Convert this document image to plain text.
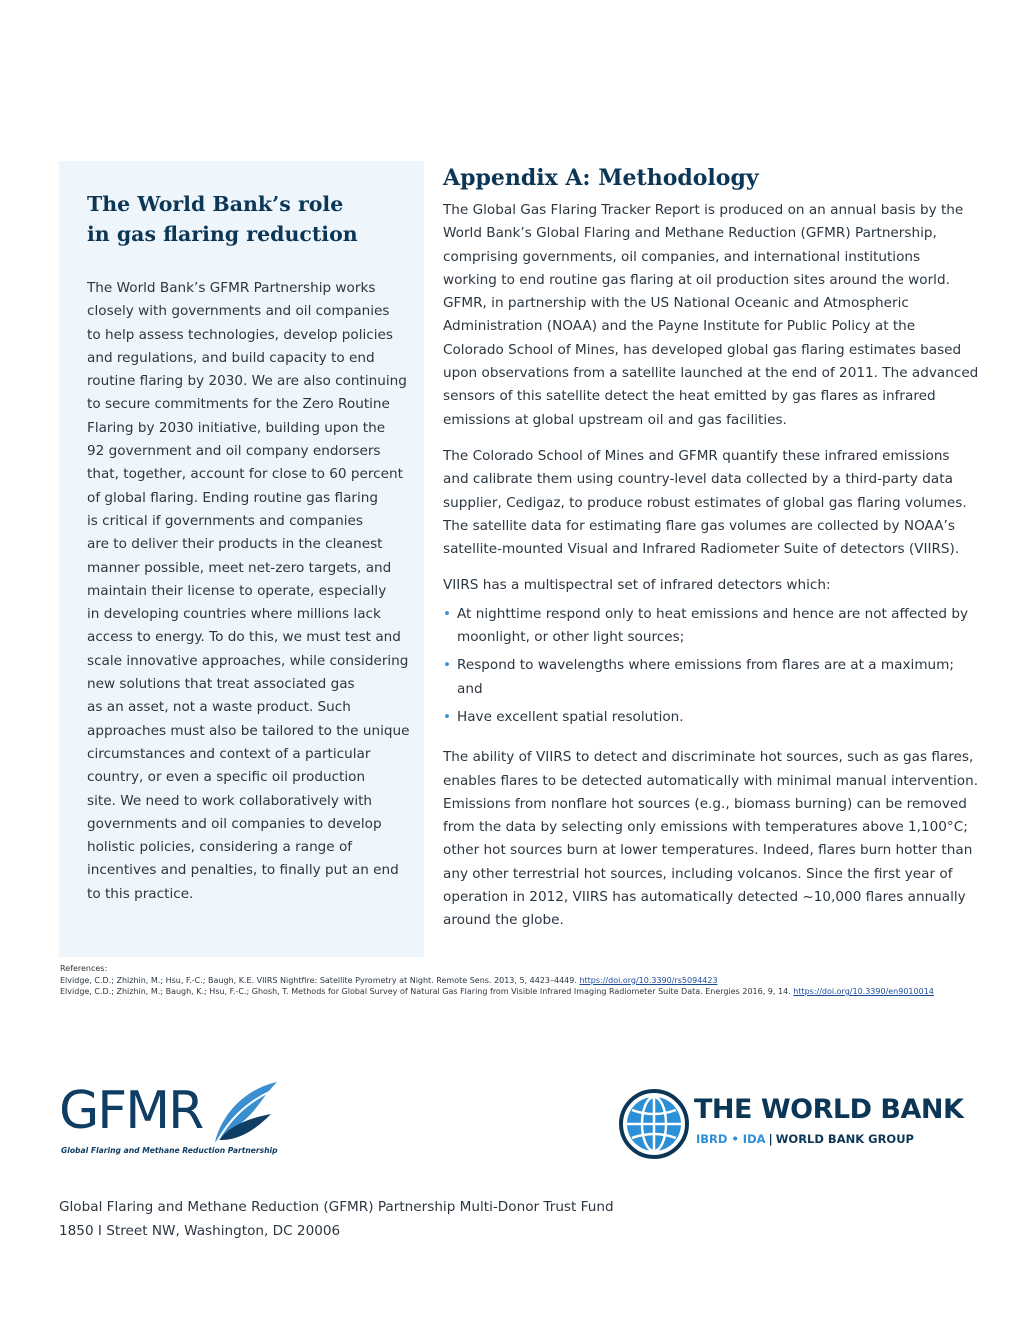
The World Bank’s role
in gas flaring reduction
The World Bank’s GFMR Partnership works
closely with governments and oil companies
to help assess technologies, develop policies
and regulations, and build capacity to end
routine flaring by 2030. We are also continuing
to secure commitments for the Zero Routine
Flaring by 2030 initiative, building upon the
92 government and oil company endorsers
that, together, account for close to 60 percent
of global flaring. Ending routine gas flaring
is critical if governments and companies
are to deliver their products in the cleanest
manner possible, meet net-zero targets, and
maintain their license to operate, especially
in developing countries where millions lack
access to energy. To do this, we must test and
scale innovative approaches, while considering
new solutions that treat associated gas
as an asset, not a waste product. Such
approaches must also be tailored to the unique
circumstances and context of a particular
country, or even a specific oil production
site. We need to work collaboratively with
governments and oil companies to develop
holistic policies, considering a range of
incentives and penalties, to finally put an end
to this practice.
Appendix A: Methodology
The Global Gas Flaring Tracker Report is produced on an annual basis by the
World Bank’s Global Flaring and Methane Reduction (GFMR) Partnership,
comprising governments, oil companies, and international institutions
working to end routine gas flaring at oil production sites around the world.
GFMR, in partnership with the US National Oceanic and Atmospheric
Administration (NOAA) and the Payne Institute for Public Policy at the
Colorado School of Mines, has developed global gas flaring estimates based
upon observations from a satellite launched at the end of 2011. The advanced
sensors of this satellite detect the heat emitted by gas flares as infrared
emissions at global upstream oil and gas facilities.
The Colorado School of Mines and GFMR quantify these infrared emissions
and calibrate them using country-level data collected by a third-party data
supplier, Cedigaz, to produce robust estimates of global gas flaring volumes.
The satellite data for estimating flare gas volumes are collected by NOAA’s
satellite-mounted Visual and Infrared Radiometer Suite of detectors (VIIRS).
VIIRS has a multispectral set of infrared detectors which:
• At nighttime respond only to heat emissions and hence are not affected by
moonlight, or other light sources;
• Respond to wavelengths where emissions from flares are at a maximum;
and
• Have excellent spatial resolution.
The ability of VIIRS to detect and discriminate hot sources, such as gas flares,
enables flares to be detected automatically with minimal manual intervention.
Emissions from nonflare hot sources (e.g., biomass burning) can be removed
from the data by selecting only emissions with temperatures above 1,100°C;
other hot sources burn at lower temperatures. Indeed, flares burn hotter than
any other terrestrial hot sources, including volcanos. Since the first year of
operation in 2012, VIIRS has automatically detected ~10,000 flares annually
around the globe.
References:
Elvidge, C.D.; Zhizhin, M.; Hsu, F.-C.; Baugh, K.E. VIIRS Nightfire: Satellite Pyrometry at Night. Remote Sens. 2013, 5, 4423–4449. https://doi.org/10.3390/rs5094423
Elvidge, C.D.; Zhizhin, M.; Baugh, K.; Hsu, F.-C.; Ghosh, T. Methods for Global Survey of Natural Gas Flaring from Visible Infrared Imaging Radiometer Suite Data. Energies 2016, 9, 14. https://doi.org/10.3390/en9010014
GFMR
Global Flaring and Methane Reduction Partnership
THE WORLD BANK
IBRD • IDA | WORLD BANK GROUP
Global Flaring and Methane Reduction (GFMR) Partnership Multi-Donor Trust Fund
1850 I Street NW, Washington, DC 20006
